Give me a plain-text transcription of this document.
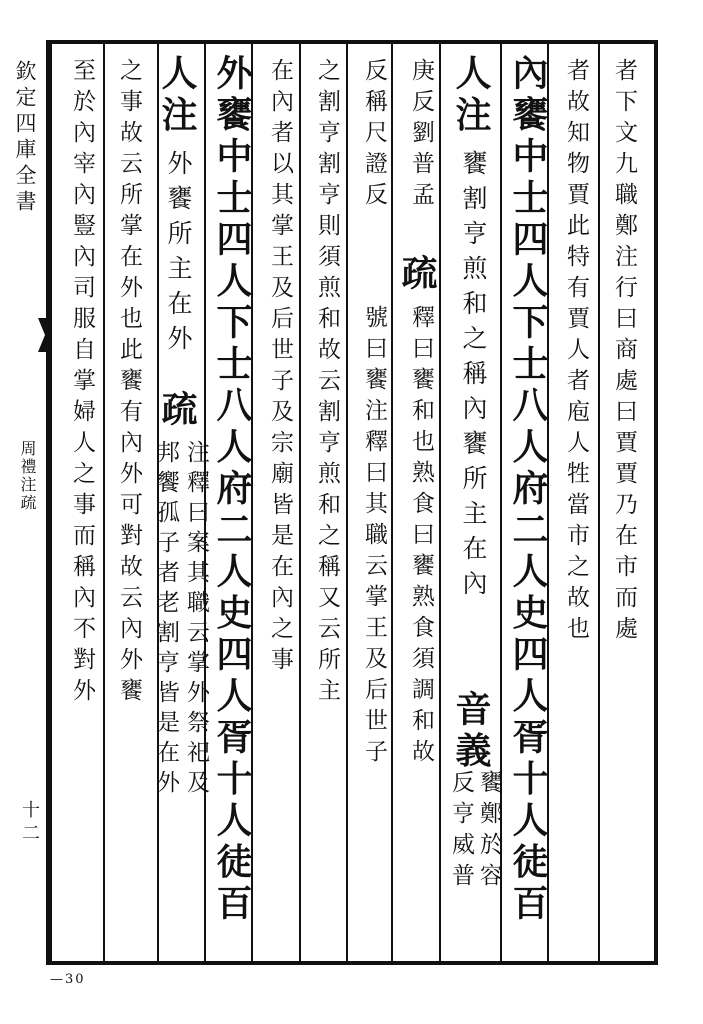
欽定四庫全書
周禮注疏
十二
—30
者下文九職鄭注行曰商處曰賈賈乃在市而處
者故知物賈此特有賈人者庖人牲當市之故也
內饔中士四人下士八人府二人史四人胥十人徒百
人注
饔割亨煎和之稱內饔所主在內
音義
饔鄭於容
反亨威普
庚反劉普孟
疏
釋曰饔和也熟食曰饔熟食須調和故
反稱尺證反
號曰饔注釋曰其職云掌王及后世子
之割亨割亨則須煎和故云割亨煎和之稱又云所主
在內者以其掌王及后世子及宗廟皆是在內之事
外饔中士四人下士八人府二人史四人胥十人徒百
人注
外饔所主在外
疏
注釋曰案其職云掌外祭祀及
邦饗孤子者老割亨皆是在外
之事故云所掌在外也此饔有內外可對故云內外饔
至於內宰內豎內司服自掌婦人之事而稱內不對外
